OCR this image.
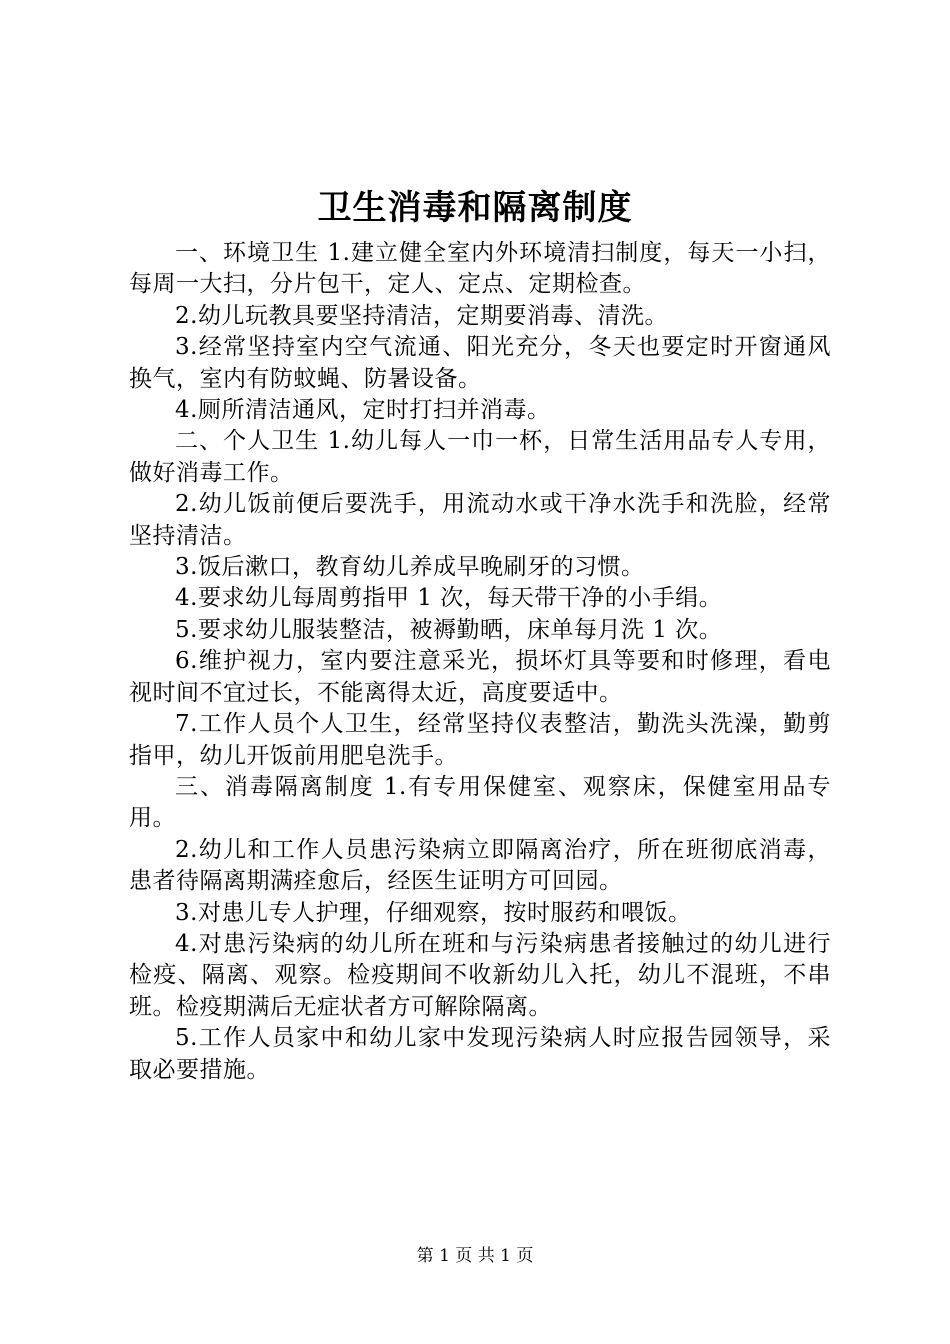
卫生消毒和隔离制度

一、环境卫生 1.建立健全室内外环境清扫制度，每天一小扫，每周一大扫，分片包干，定人、定点、定期检查。

2.幼儿玩教具要坚持清洁，定期要消毒、清洗。

3.经常坚持室内空气流通、阳光充分，冬天也要定时开窗通风换气，室内有防蚊蝇、防暑设备。

4.厕所清洁通风，定时打扫并消毒。

二、个人卫生 1.幼儿每人一巾一杯，日常生活用品专人专用，做好消毒工作。

2.幼儿饭前便后要洗手，用流动水或干净水洗手和洗脸，经常坚持清洁。

3.饭后漱口，教育幼儿养成早晚刷牙的习惯。

4.要求幼儿每周剪指甲 1 次，每天带干净的小手绢。

5.要求幼儿服装整洁，被褥勤晒，床单每月洗 1 次。

6.维护视力，室内要注意采光，损坏灯具等要和时修理，看电视时间不宜过长，不能离得太近，高度要适中。

7.工作人员个人卫生，经常坚持仪表整洁，勤洗头洗澡，勤剪指甲，幼儿开饭前用肥皂洗手。

三、消毒隔离制度 1.有专用保健室、观察床，保健室用品专用。

2.幼儿和工作人员患污染病立即隔离治疗，所在班彻底消毒，患者待隔离期满痊愈后，经医生证明方可回园。

3.对患儿专人护理，仔细观察，按时服药和喂饭。

4.对患污染病的幼儿所在班和与污染病患者接触过的幼儿进行检疫、隔离、观察。检疫期间不收新幼儿入托，幼儿不混班，不串班。检疫期满后无症状者方可解除隔离。

5.工作人员家中和幼儿家中发现污染病人时应报告园领导，采取必要措施。

第 1 页 共 1 页
